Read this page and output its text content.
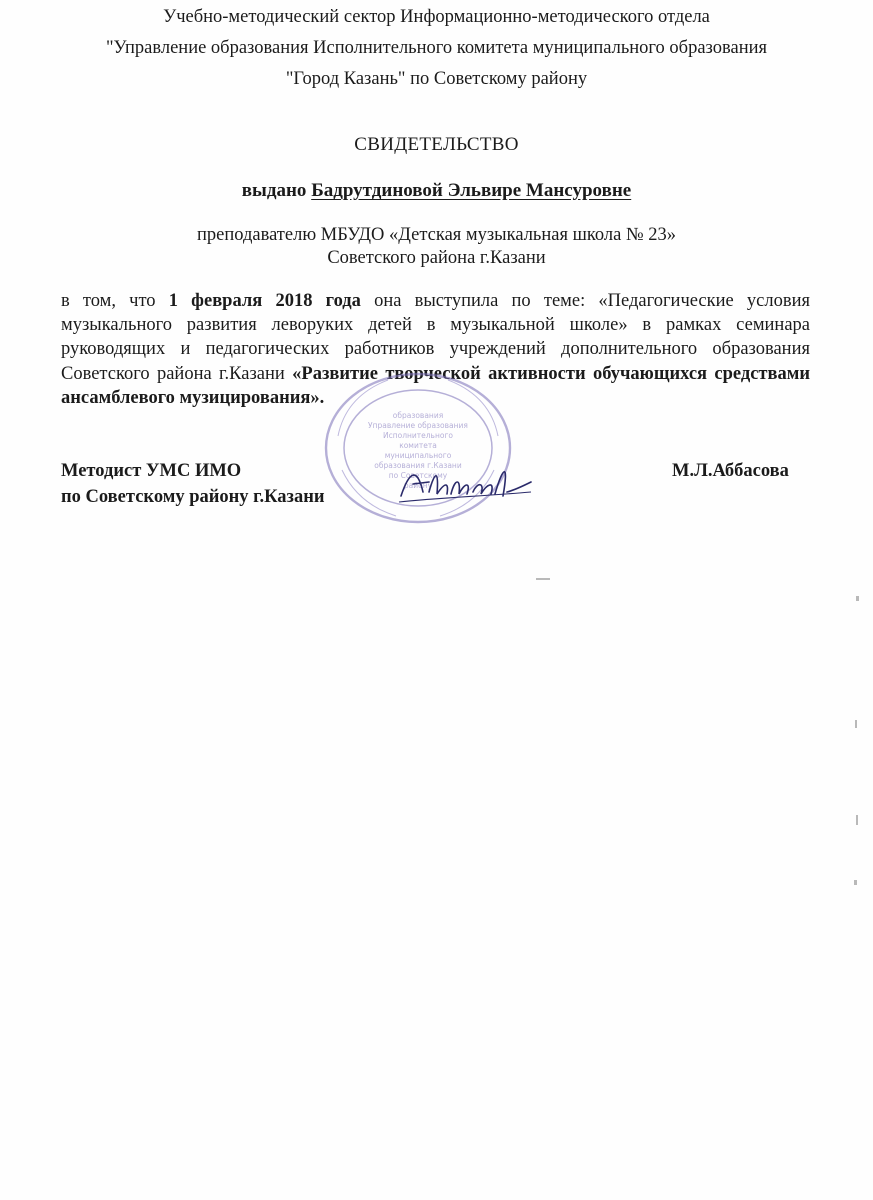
Учебно-методический сектор Информационно-методического отдела
"Управление образования Исполнительного комитета муниципального образования
"Город Казань" по Советскому району
СВИДЕТЕЛЬСТВО
выдано Бадрутдиновой Эльвире Мансуровне
преподавателю МБУДО «Детская музыкальная школа № 23»
Советского района г.Казани
в том, что 1 февраля 2018 года она выступила по теме: «Педагогические условия музыкального развития леворуких детей в музыкальной школе» в рамках семинара руководящих и педагогических работников учреждений дополнительного образования Советского района г.Казани «Развитие творческой активности обучающихся средствами ансамблевого музицирования».
образования
Управление образования
Исполнительного
комитета
муниципального
образования г.Казани
по Советскому
району
Методист УМС ИМО
по Советскому району г.Казани
М.Л.Аббасова
